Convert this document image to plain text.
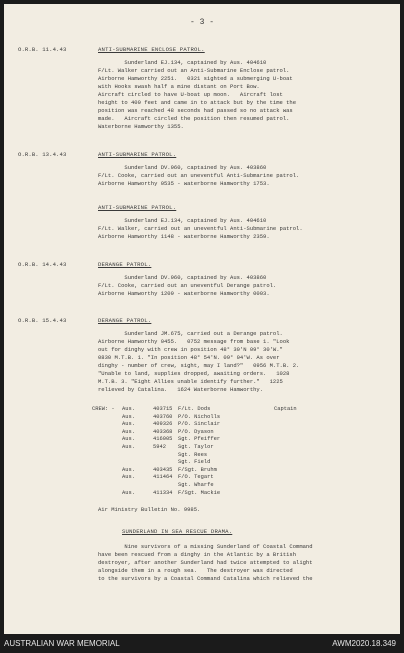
- 3 -
O.R.B. 11.4.43	ANTI-SUBMARINE ENCLOSE PATROL.
Sunderland EJ.134, captained by Aus. 404610
F/Lt. Walker carried out an Anti-Submarine Enclose patrol.
Airborne Hamworthy 2251.   0321 sighted a submerging U-boat
with Hooks swash half a mine distant on Port Bow.
Aircraft circled to have U-boat up moon.   Aircraft lost
height to 400 feet and came in to attack but by the time the
position was reached 48 seconds had passed so no attack was
made.   Aircraft circled the position then resumed patrol.
Waterborne Hamworthy 1355.
O.R.B. 13.4.43	ANTI-SUBMARINE PATROL.
Sunderland DV.960, captained by Aus. 403860
F/Lt. Cooke, carried out an uneventful Anti-Submarine patrol.
Airborne Hamworthy 0535 - waterborne Hamworthy 1753.
ANTI-SUBMARINE PATROL.
Sunderland EJ.134, captained by Aus. 404610
F/Lt. Walker, carried out an uneventful Anti-Submarine patrol.
Airborne Hamworthy 1148 - waterborne Hamworthy 2359.
O.R.B. 14.4.43	DERANGE PATROL.
Sunderland DV.960, captained by Aus. 403860
F/Lt. Cooke, carried out an uneventful Derange patrol.
Airborne Hamworthy 1209 - waterborne Hamworthy 0003.
O.R.B. 15.4.43	DERANGE PATROL.
Sunderland JM.675, carried out a Derange patrol.
Airborne Hamworthy 0455.   0752 message from base 1. "Look
out for dinghy with crew in position 48° 30'N 09° 30'W."
0830 M.T.B. 1. "In position 48° 54'N. 09° 04'W. As over
dinghy - number of crew, sight, may I land?"   0956 M.T.B. 2.
"Unable to land, supplies dropped, awaiting orders.   1028
M.T.B. 3. "Eight Allies unable identify further."   1225
relieved by Catalina.   1624 Waterborne Hamworthy.
CREW: - Aus.	403715 F/Lt. Dods	Captain
Aus.	403760 P/O. Nicholls
Aus.	409326 P/O. Sinclair
Aus.	403368 P/O. Dyason
Aus.	416005 Sgt. Pfeiffer
Aus.	5942 Sgt. Taylor
Sgt. Rees
Sgt. Field
Aus.	403435 F/Sgt. Bruhm
Aus.	411464 F/O. Tegart
Sgt. Wharfe
Aus.	411334 F/Sgt. Mackie
Air Ministry Bulletin No. 9985.
SUNDERLAND IN SEA RESCUE DRAMA.
Nine survivors of a missing Sunderland of Coastal Command
have been rescued from a dinghy in the Atlantic by a British
destroyer, after another Sunderland had twice attempted to alight
alongside them in a rough sea.   The destroyer was directed
to the survivors by a Coastal Command Catalina which relieved the
AUSTRALIAN WAR MEMORIAL	AWM2020.18.349
